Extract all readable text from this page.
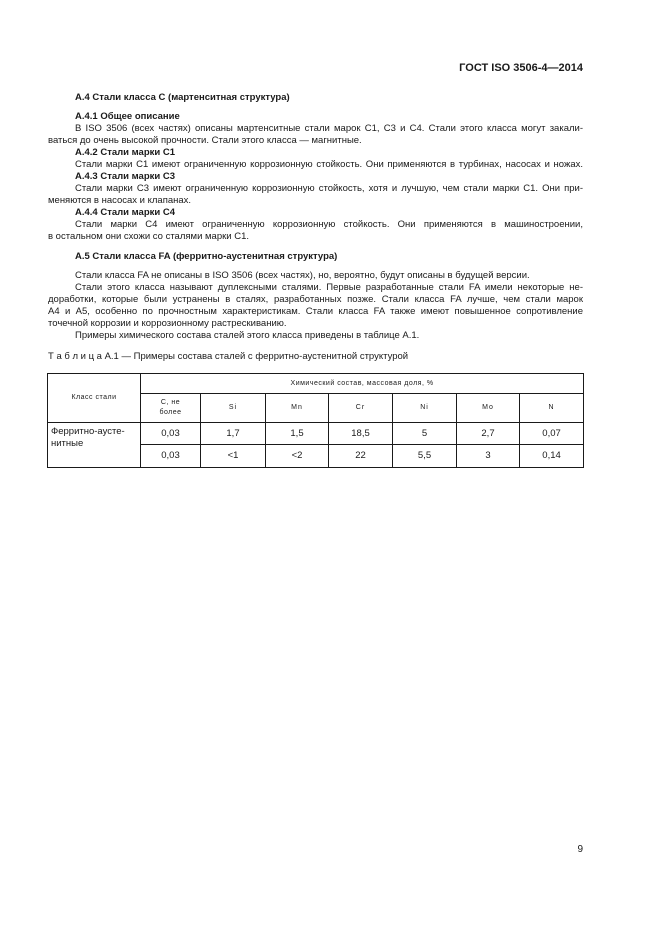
ГОСТ ISO 3506-4—2014
А.4 Стали класса С (мартенситная структура)
А.4.1 Общее описание
В ISO 3506 (всех частях) описаны мартенситные стали марок С1, С3 и С4. Стали этого класса могут закали-
ваться до очень высокой прочности. Стали этого класса — магнитные.
А.4.2 Стали марки С1
Стали марки С1 имеют ограниченную коррозионную стойкость. Они применяются в турбинах, насосах и ножах.
А.4.3 Стали марки С3
Стали марки С3 имеют ограниченную коррозионную стойкость, хотя и лучшую, чем стали марки С1. Они при-
меняются в насосах и клапанах.
А.4.4 Стали марки С4
Стали марки С4 имеют ограниченную коррозионную стойкость. Они применяются в машиностроении,
в остальном они схожи со сталями марки С1.
А.5 Стали класса FA (ферритно-аустенитная структура)
Стали класса FA не описаны в ISO 3506 (всех частях), но, вероятно, будут описаны в будущей версии.
Стали этого класса называют дуплексными сталями. Первые разработанные стали FA имели некоторые не-
доработки, которые были устранены в сталях, разработанных позже. Стали класса FA лучше, чем стали марок
А4 и А5, особенно по прочностным характеристикам. Стали класса FA также имеют повышенное сопротивление
точечной коррозии и коррозионному растрескиванию.
Примеры химического состава сталей этого класса приведены в таблице А.1.
Т а б л и ц а А.1 — Примеры состава сталей с ферритно-аустенитной структурой
Класс стали	Химический состав, массовая доля, %						
	C, не более	Si	Mn	Cr	Ni	Mo	N

Ферритно-аусте-
нитные	0,03	1,7	1,5	18,5	5	2,7	0,07
	0,03	<1	<2	22	5,5	3	0,14
9
